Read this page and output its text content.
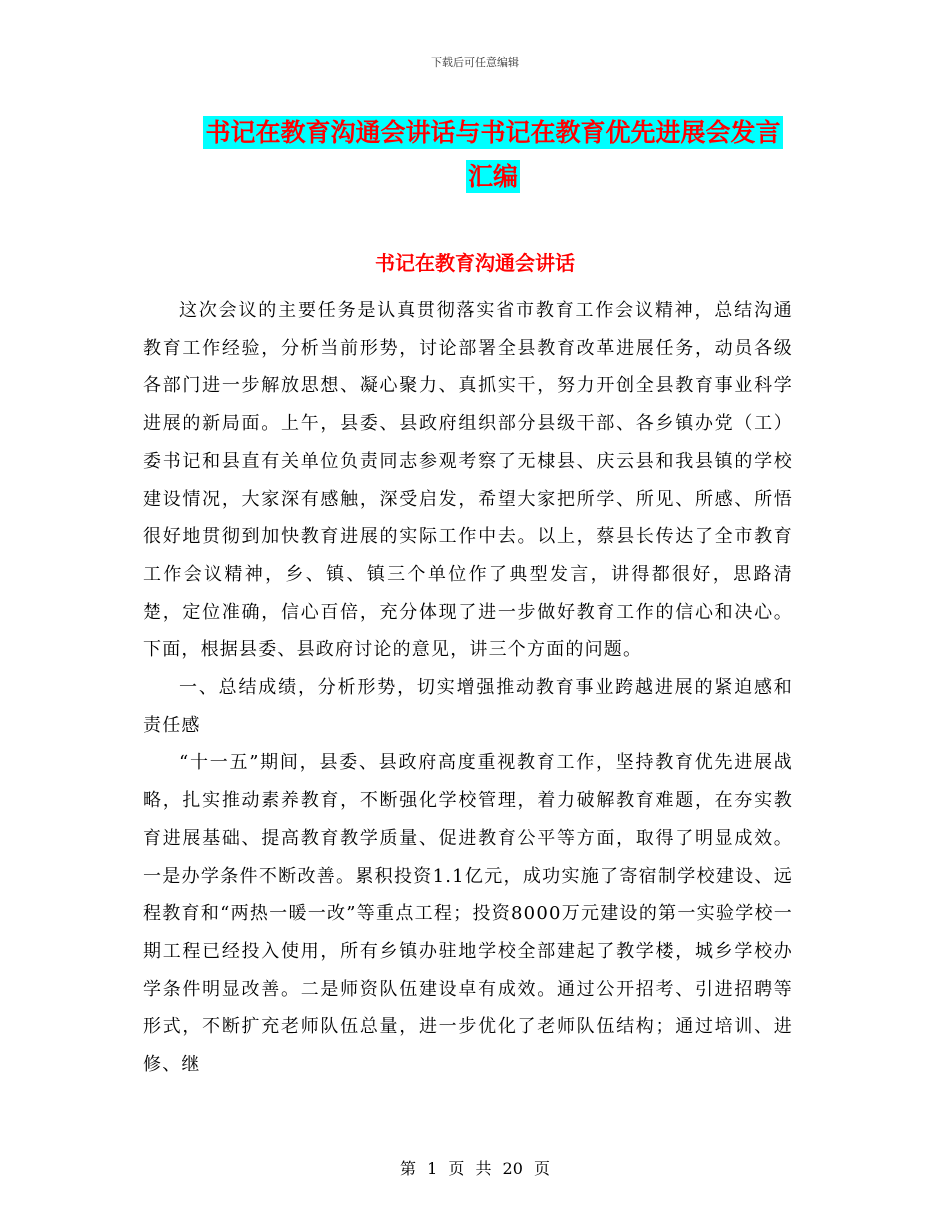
下载后可任意编辑
书记在教育沟通会讲话与书记在教育优先进展会发言
汇编
书记在教育沟通会讲话

这次会议的主要任务是认真贯彻落实省市教育工作会议精神，总结沟通教育工作经验，分析当前形势，讨论部署全县教育改革进展任务，动员各级各部门进一步解放思想、凝心聚力、真抓实干，努力开创全县教育事业科学进展的新局面。上午，县委、县政府组织部分县级干部、各乡镇办党（工）委书记和县直有关单位负责同志参观考察了无棣县、庆云县和我县镇的学校建设情况，大家深有感触，深受启发，希望大家把所学、所见、所感、所悟很好地贯彻到加快教育进展的实际工作中去。以上，蔡县长传达了全市教育工作会议精神，乡、镇、镇三个单位作了典型发言，讲得都很好，思路清楚，定位准确，信心百倍，充分体现了进一步做好教育工作的信心和决心。下面，根据县委、县政府讨论的意见，讲三个方面的问题。

一、总结成绩，分析形势，切实增强推动教育事业跨越进展的紧迫感和责任感

“十一五”期间，县委、县政府高度重视教育工作，坚持教育优先进展战略，扎实推动素养教育，不断强化学校管理，着力破解教育难题，在夯实教育进展基础、提高教育教学质量、促进教育公平等方面，取得了明显成效。一是办学条件不断改善。累积投资1.1亿元，成功实施了寄宿制学校建设、远程教育和“两热一暖一改”等重点工程；投资8000万元建设的第一实验学校一期工程已经投入使用，所有乡镇办驻地学校全部建起了教学楼，城乡学校办学条件明显改善。二是师资队伍建设卓有成效。通过公开招考、引进招聘等形式，不断扩充老师队伍总量，进一步优化了老师队伍结构；通过培训、进修、继

第 1 页 共 20 页
